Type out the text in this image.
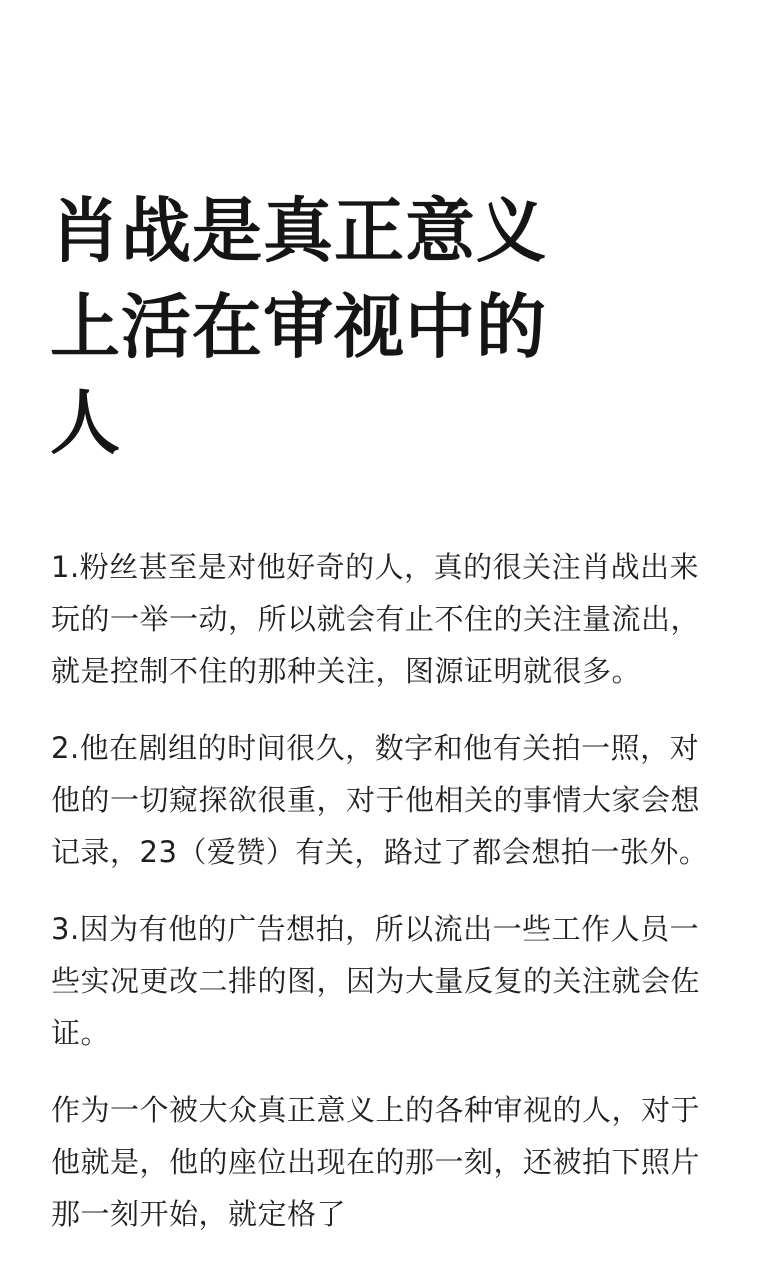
肖战是真正意义
上活在审视中的
人

1.粉丝甚至是对他好奇的人，真的很关注肖战出来
玩的一举一动，所以就会有止不住的关注量流出，
就是控制不住的那种关注，图源证明就很多。

2.他在剧组的时间很久，数字和他有关拍一照，对
他的一切窥探欲很重，对于他相关的事情大家会想
记录，23（爱赞）有关，路过了都会想拍一张外。

3.因为有他的广告想拍，所以流出一些工作人员一
些实况更改二排的图，因为大量反复的关注就会佐
证。

作为一个被大众真正意义上的各种审视的人，对于
他就是，他的座位出现在的那一刻，还被拍下照片
那一刻开始，就定格了
